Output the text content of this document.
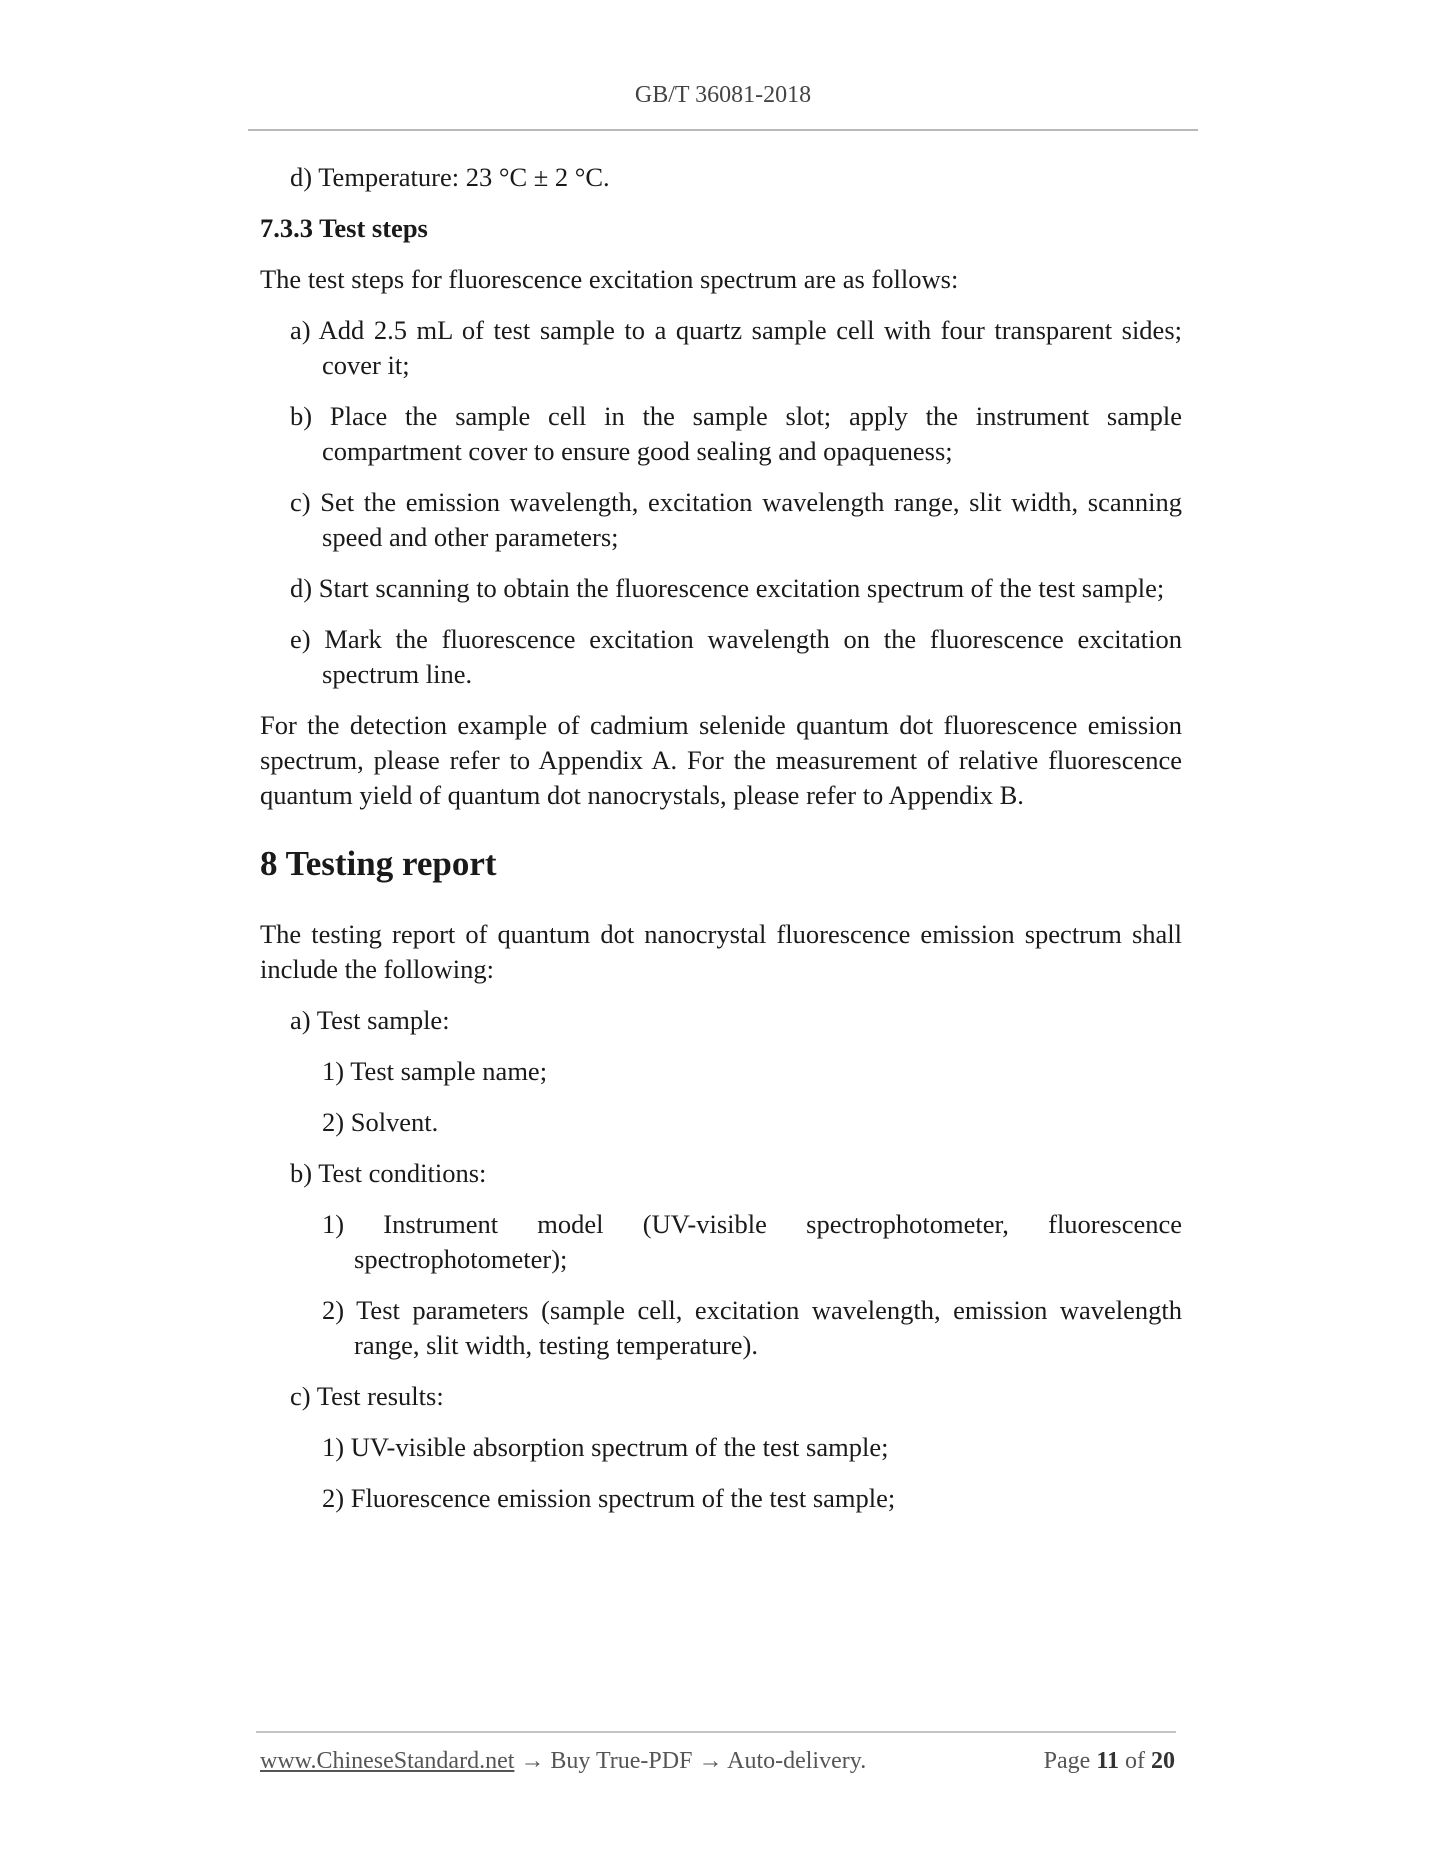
GB/T 36081-2018

d) Temperature: 23 °C ± 2 °C.

7.3.3 Test steps

The test steps for fluorescence excitation spectrum are as follows:

a) Add 2.5 mL of test sample to a quartz sample cell with four transparent sides; cover it;

b) Place the sample cell in the sample slot; apply the instrument sample compartment cover to ensure good sealing and opaqueness;

c) Set the emission wavelength, excitation wavelength range, slit width, scanning speed and other parameters;

d) Start scanning to obtain the fluorescence excitation spectrum of the test sample;

e) Mark the fluorescence excitation wavelength on the fluorescence excitation spectrum line.

For the detection example of cadmium selenide quantum dot fluorescence emission spectrum, please refer to Appendix A. For the measurement of relative fluorescence quantum yield of quantum dot nanocrystals, please refer to Appendix B.

8 Testing report

The testing report of quantum dot nanocrystal fluorescence emission spectrum shall include the following:

a) Test sample:

1) Test sample name;

2) Solvent.

b) Test conditions:

1) Instrument model (UV-visible spectrophotometer, fluorescence spectrophotometer);

2) Test parameters (sample cell, excitation wavelength, emission wavelength range, slit width, testing temperature).

c) Test results:

1) UV-visible absorption spectrum of the test sample;

2) Fluorescence emission spectrum of the test sample;

www.ChineseStandard.net → Buy True-PDF → Auto-delivery.	Page 11 of 20
